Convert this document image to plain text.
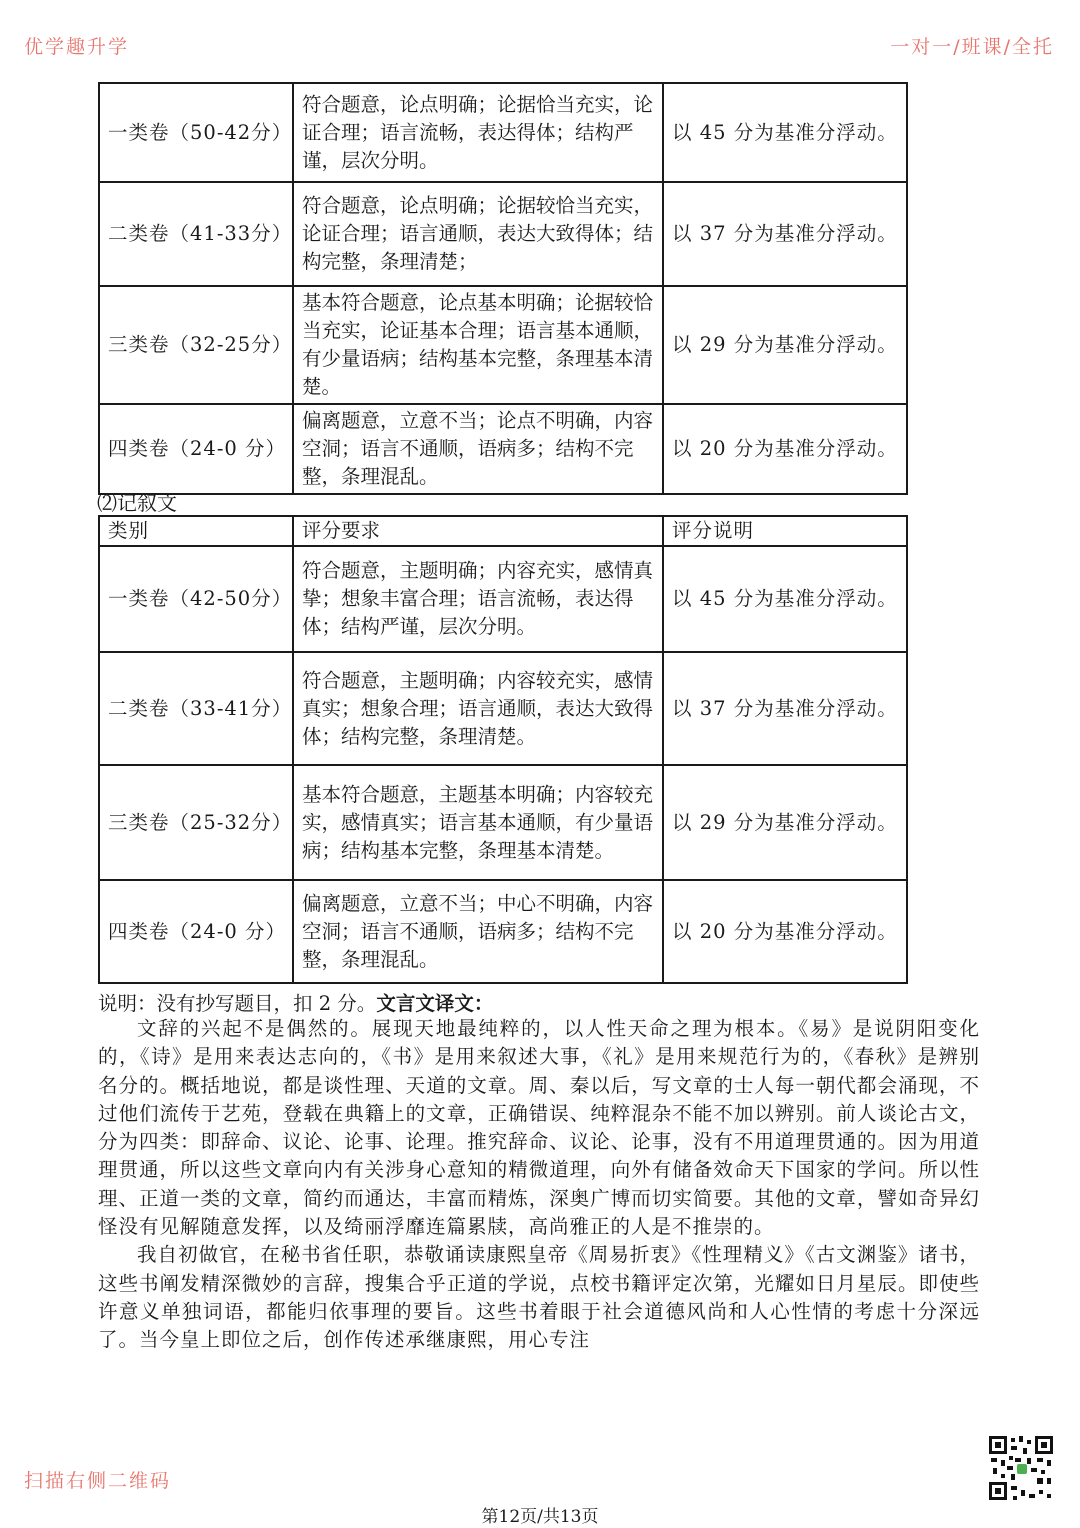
优学趣升学	一对一/班课/全托
一类卷（50-42分）	符合题意，论点明确；论据恰当充实，论证合理；语言流畅，表达得体；结构严谨，层次分明。	以 45 分为基准分浮动。
二类卷（41-33分）	符合题意，论点明确；论据较恰当充实，论证合理；语言通顺，表达大致得体；结构完整，条理清楚；	以 37 分为基准分浮动。
三类卷（32-25分）	基本符合题意，论点基本明确；论据较恰当充实，论证基本合理；语言基本通顺，有少量语病；结构基本完整，条理基本清楚。	以 29 分为基准分浮动。
四类卷（24-0 分）	偏离题意，立意不当；论点不明确，内容空洞；语言不通顺，语病多；结构不完整，条理混乱。	以 20 分为基准分浮动。
⑵记叙文
类别	评分要求	评分说明
一类卷（42-50分）	符合题意，主题明确；内容充实，感情真挚；想象丰富合理；语言流畅，表达得体；结构严谨，层次分明。	以 45 分为基准分浮动。
二类卷（33-41分）	符合题意，主题明确；内容较充实，感情真实；想象合理；语言通顺，表达大致得体；结构完整，条理清楚。	以 37 分为基准分浮动。
三类卷（25-32分）	基本符合题意，主题基本明确；内容较充实，感情真实；语言基本通顺，有少量语病；结构基本完整，条理基本清楚。	以 29 分为基准分浮动。
四类卷（24-0 分）	偏离题意，立意不当；中心不明确，内容空洞；语言不通顺，语病多；结构不完整，条理混乱。	以 20 分为基准分浮动。
说明：没有抄写题目，扣 2 分。文言文译文：

文辞的兴起不是偶然的。展现天地最纯粹的，以人性天命之理为根本。《易》是说阴阳变化的，《诗》是用来表达志向的，《书》是用来叙述大事，《礼》是用来规范行为的，《春秋》是辨别名分的。概括地说，都是谈性理、天道的文章。周、秦以后，写文章的士人每一朝代都会涌现，不过他们流传于艺苑，登载在典籍上的文章，正确错误、纯粹混杂不能不加以辨别。前人谈论古文，分为四类：即辞命、议论、论事、论理。推究辞命、议论、论事，没有不用道理贯通的。因为用道理贯通，所以这些文章向内有关涉身心意知的精微道理，向外有储备效命天下国家的学问。所以性理、正道一类的文章，简约而通达，丰富而精炼，深奥广博而切实简要。其他的文章，譬如奇异幻怪没有见解随意发挥，以及绮丽浮靡连篇累牍，高尚雅正的人是不推崇的。

我自初做官，在秘书省任职，恭敬诵读康熙皇帝《周易折衷》《性理精义》《古文渊鉴》诸书，这些书阐发精深微妙的言辞，搜集合乎正道的学说，点校书籍评定次第，光耀如日月星辰。即使些许意义单独词语，都能归依事理的要旨。这些书着眼于社会道德风尚和人心性情的考虑十分深远了。当今皇上即位之后，创作传述承继康熙，用心专注

扫描右侧二维码
第12页/共13页
